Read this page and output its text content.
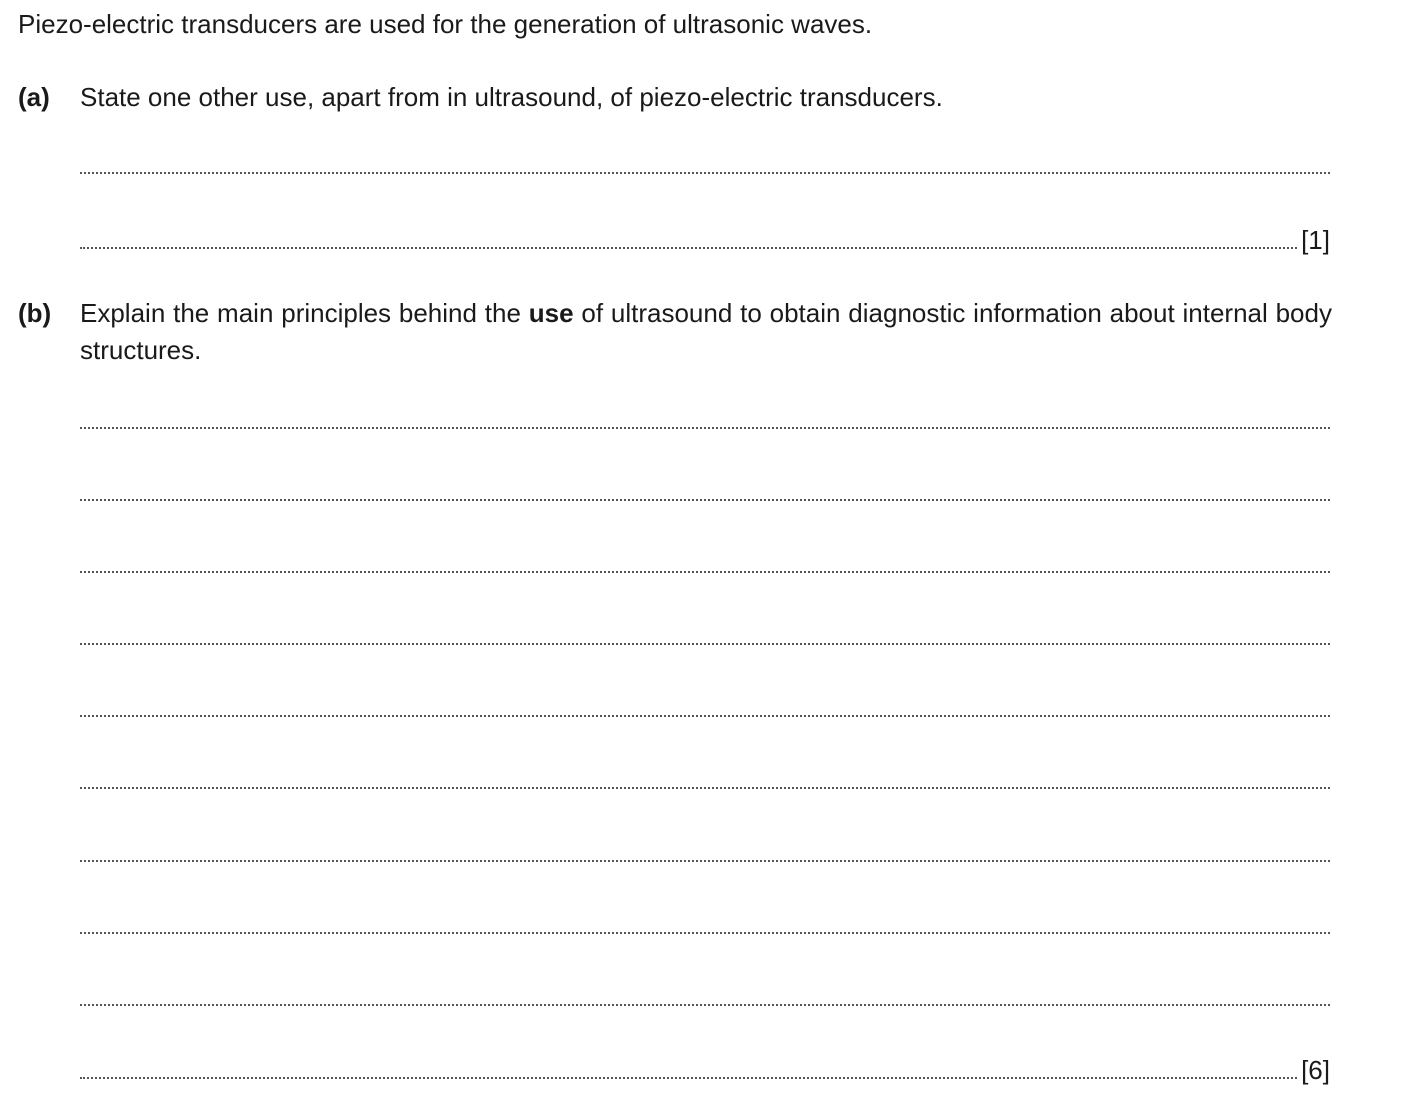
Piezo-electric transducers are used for the generation of ultrasonic waves.
(a) State one other use, apart from in ultrasound, of piezo-electric transducers.
[1]
(b) Explain the main principles behind the use of ultrasound to obtain diagnostic information about internal body structures.
[6]
